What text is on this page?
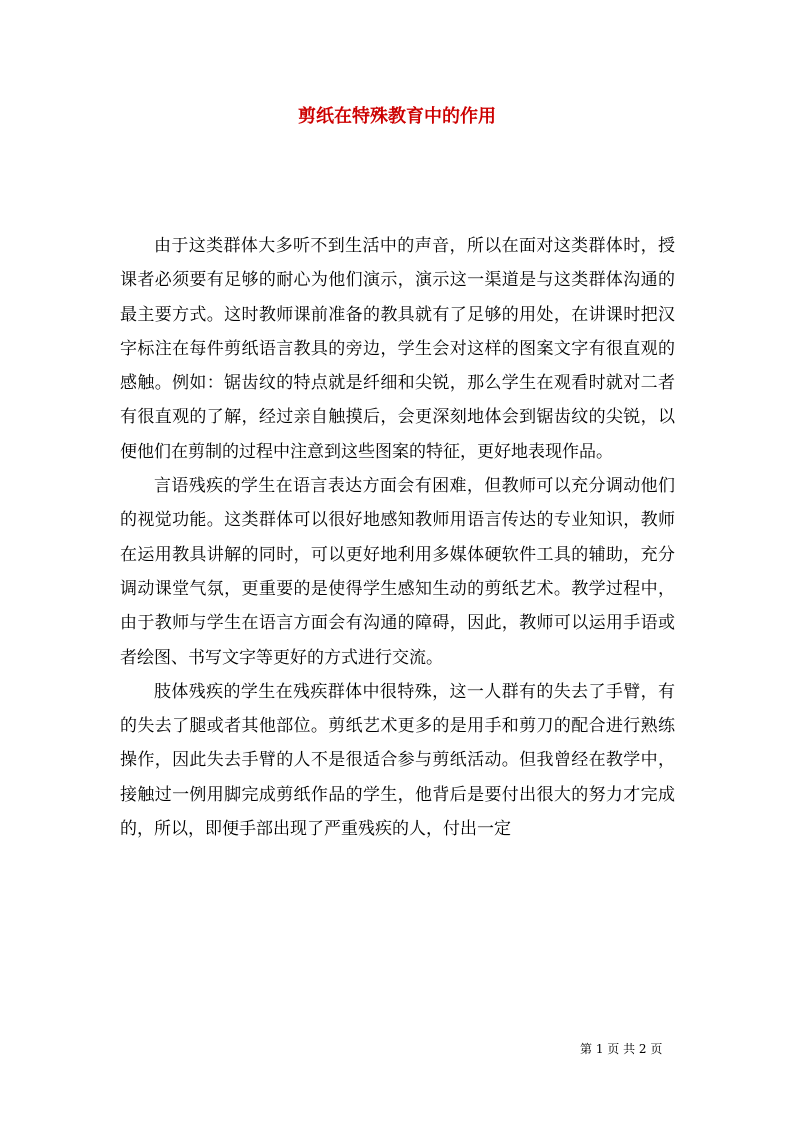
剪纸在特殊教育中的作用

由于这类群体大多听不到生活中的声音，所以在面对这类群体时，授课者必须要有足够的耐心为他们演示，演示这一渠道是与这类群体沟通的最主要方式。这时教师课前准备的教具就有了足够的用处，在讲课时把汉字标注在每件剪纸语言教具的旁边，学生会对这样的图案文字有很直观的感触。例如：锯齿纹的特点就是纤细和尖锐，那么学生在观看时就对二者有很直观的了解，经过亲自触摸后，会更深刻地体会到锯齿纹的尖锐，以便他们在剪制的过程中注意到这些图案的特征，更好地表现作品。

言语残疾的学生在语言表达方面会有困难，但教师可以充分调动他们的视觉功能。这类群体可以很好地感知教师用语言传达的专业知识，教师在运用教具讲解的同时，可以更好地利用多媒体硬软件工具的辅助，充分调动课堂气氛，更重要的是使得学生感知生动的剪纸艺术。教学过程中，由于教师与学生在语言方面会有沟通的障碍，因此，教师可以运用手语或者绘图、书写文字等更好的方式进行交流。

肢体残疾的学生在残疾群体中很特殊，这一人群有的失去了手臂，有的失去了腿或者其他部位。剪纸艺术更多的是用手和剪刀的配合进行熟练操作，因此失去手臂的人不是很适合参与剪纸活动。但我曾经在教学中，接触过一例用脚完成剪纸作品的学生，他背后是要付出很大的努力才完成的，所以，即便手部出现了严重残疾的人，付出一定

第 1 页 共 2 页
